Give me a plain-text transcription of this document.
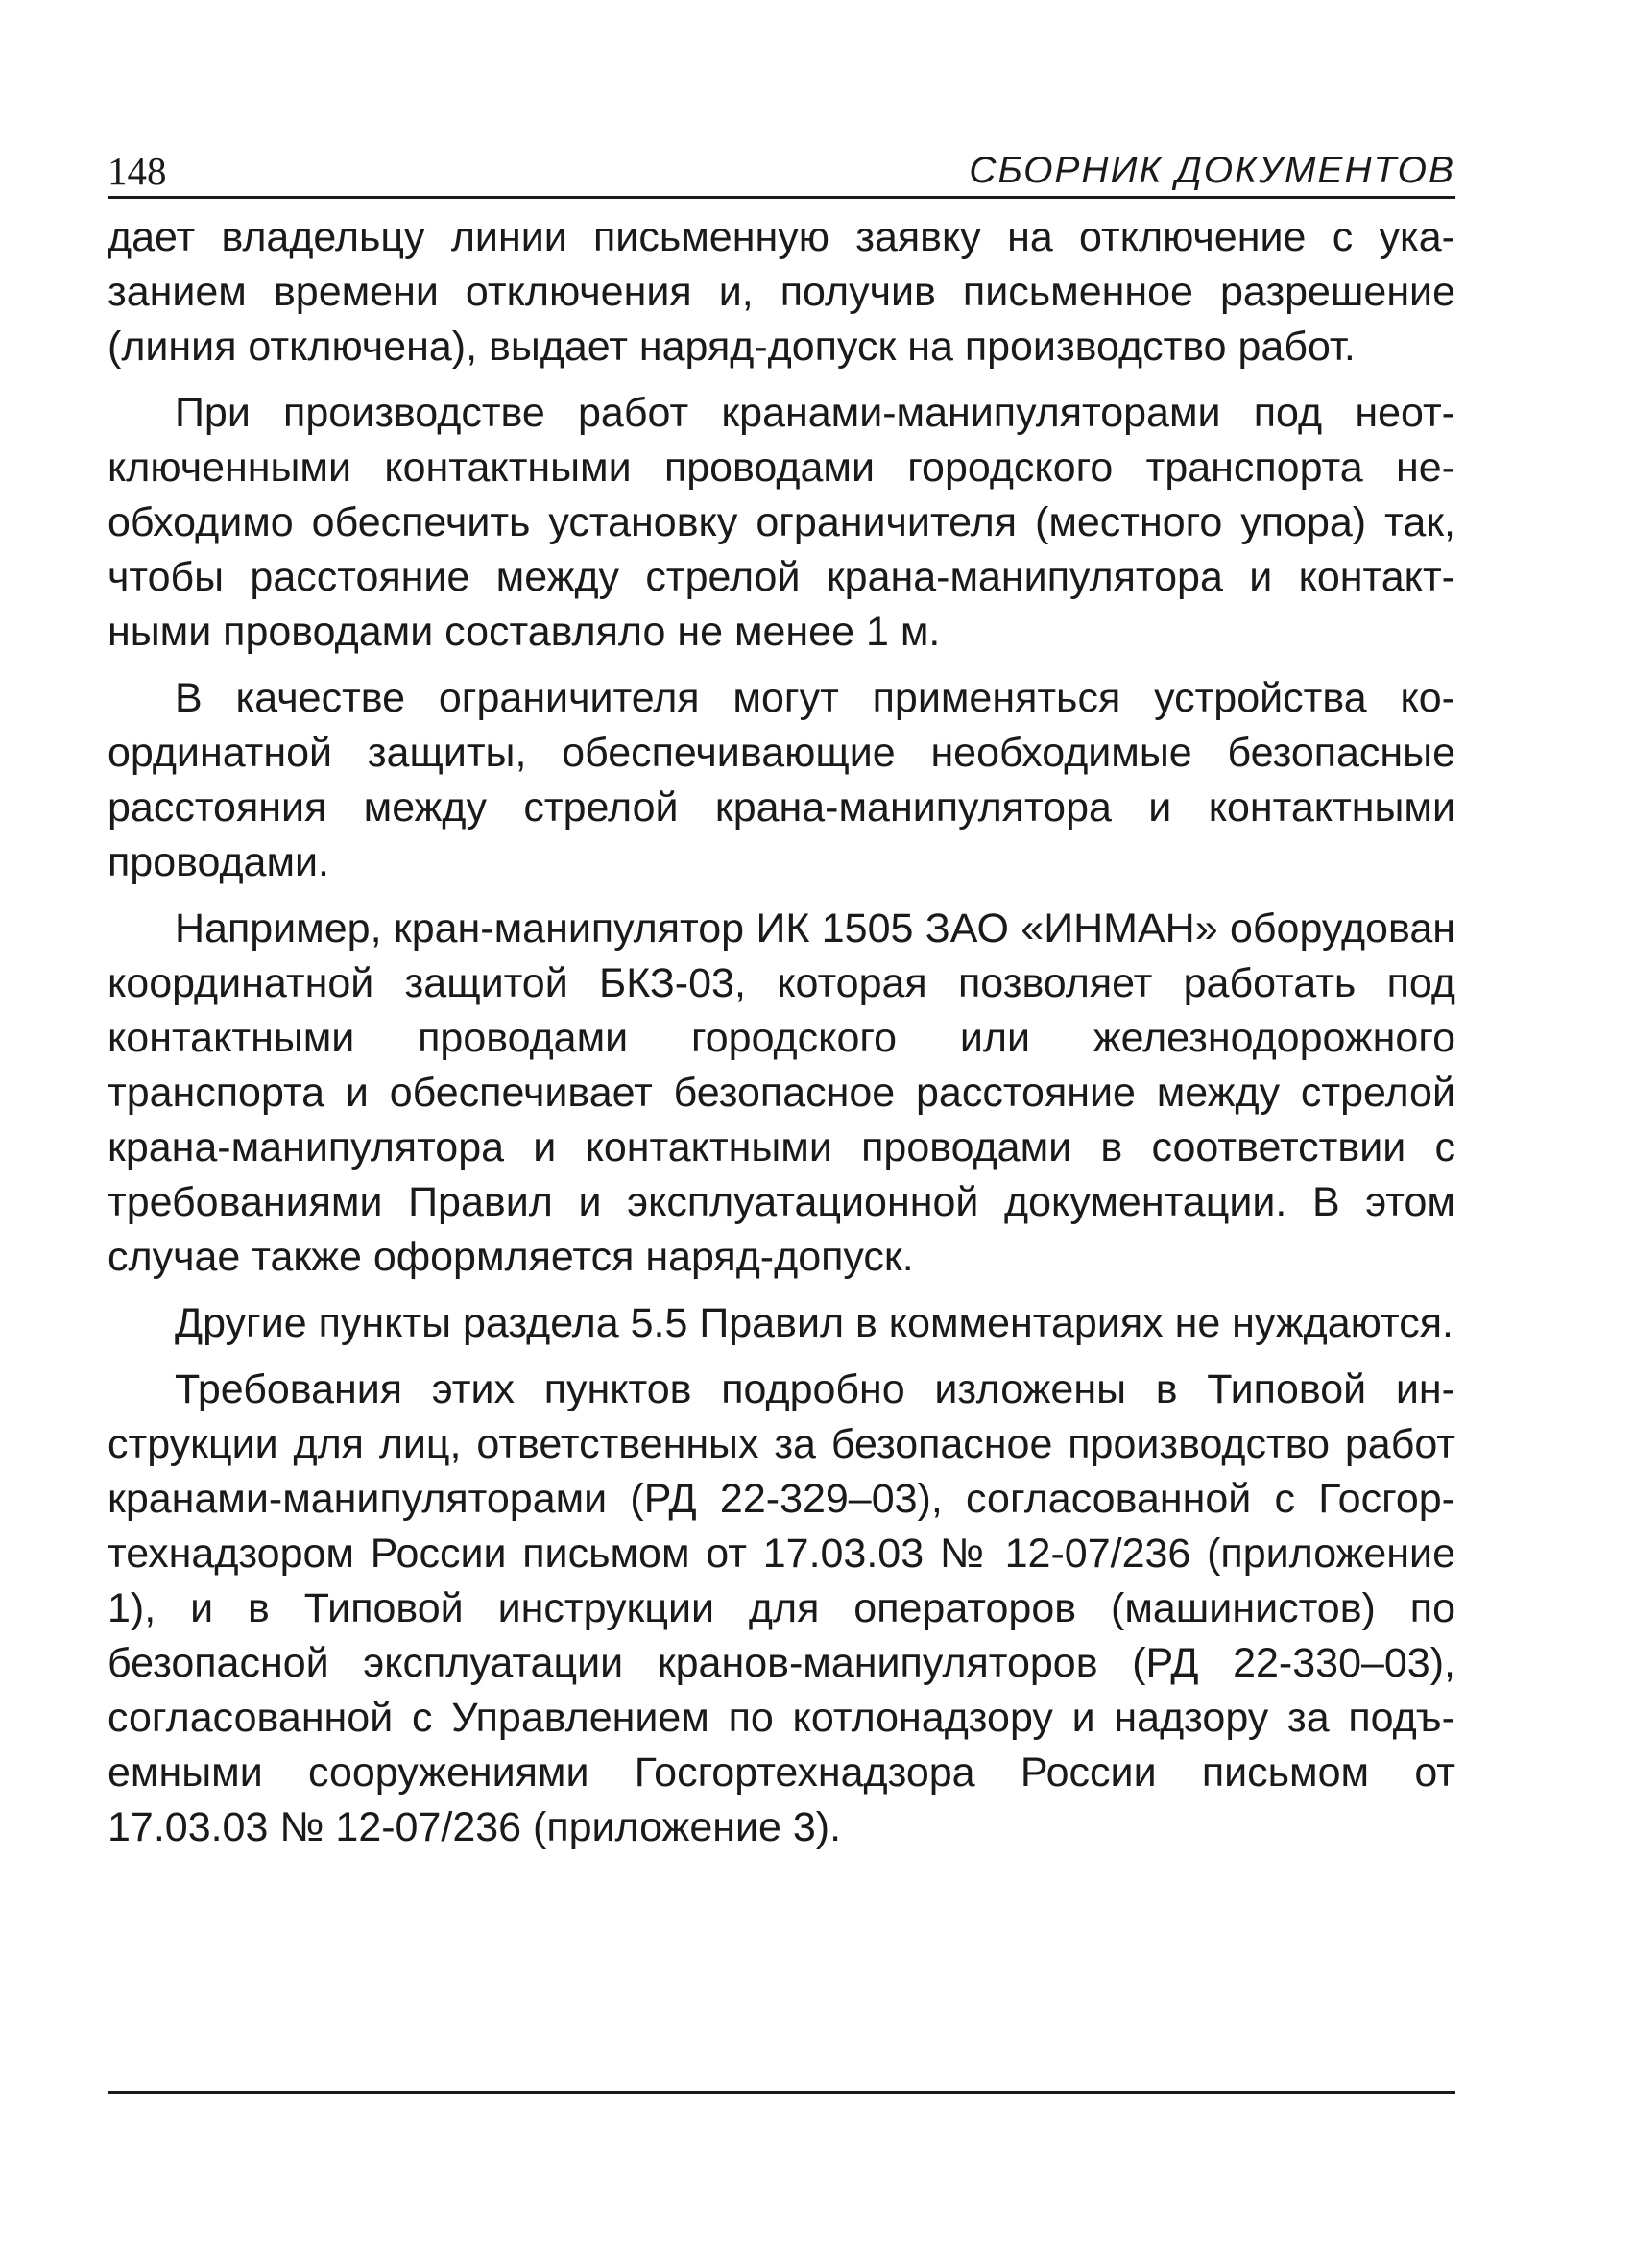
148	СБОРНИК ДОКУМЕНТОВ

дает владельцу линии письменную заявку на отключение с указанием времени отключения и, получив письменное разрешение (линия отключена), выдает наряд-допуск на производство работ.

При производстве работ кранами-манипуляторами под неотключенными контактными проводами городского транспорта необходимо обеспечить установку ограничителя (местного упора) так, чтобы расстояние между стрелой крана-манипулятора и контактными проводами составляло не менее 1 м.

В качестве ограничителя могут применяться устройства координатной защиты, обеспечивающие необходимые безопасные расстояния между стрелой крана-манипулятора и контактными проводами.

Например, кран-манипулятор ИК 1505 ЗАО «ИНМАН» оборудован координатной защитой БКЗ-03, которая позволяет работать под контактными проводами городского или железнодорожного транспорта и обеспечивает безопасное расстояние между стрелой крана-манипулятора и контактными проводами в соответствии с требованиями Правил и эксплуатационной документации. В этом случае также оформляется наряд-допуск.

Другие пункты раздела 5.5 Правил в комментариях не нуждаются.

Требования этих пунктов подробно изложены в Типовой инструкции для лиц, ответственных за безопасное производство работ кранами-манипуляторами (РД 22-329–03), согласованной с Госгортехнадзором России письмом от 17.03.03 № 12-07/236 (приложение 1), и в Типовой инструкции для операторов (машинистов) по безопасной эксплуатации кранов-манипуляторов (РД 22-330–03), согласованной с Управлением по котлонадзору и надзору за подъемными сооружениями Госгортехнадзора России письмом от 17.03.03 № 12-07/236 (приложение 3).
